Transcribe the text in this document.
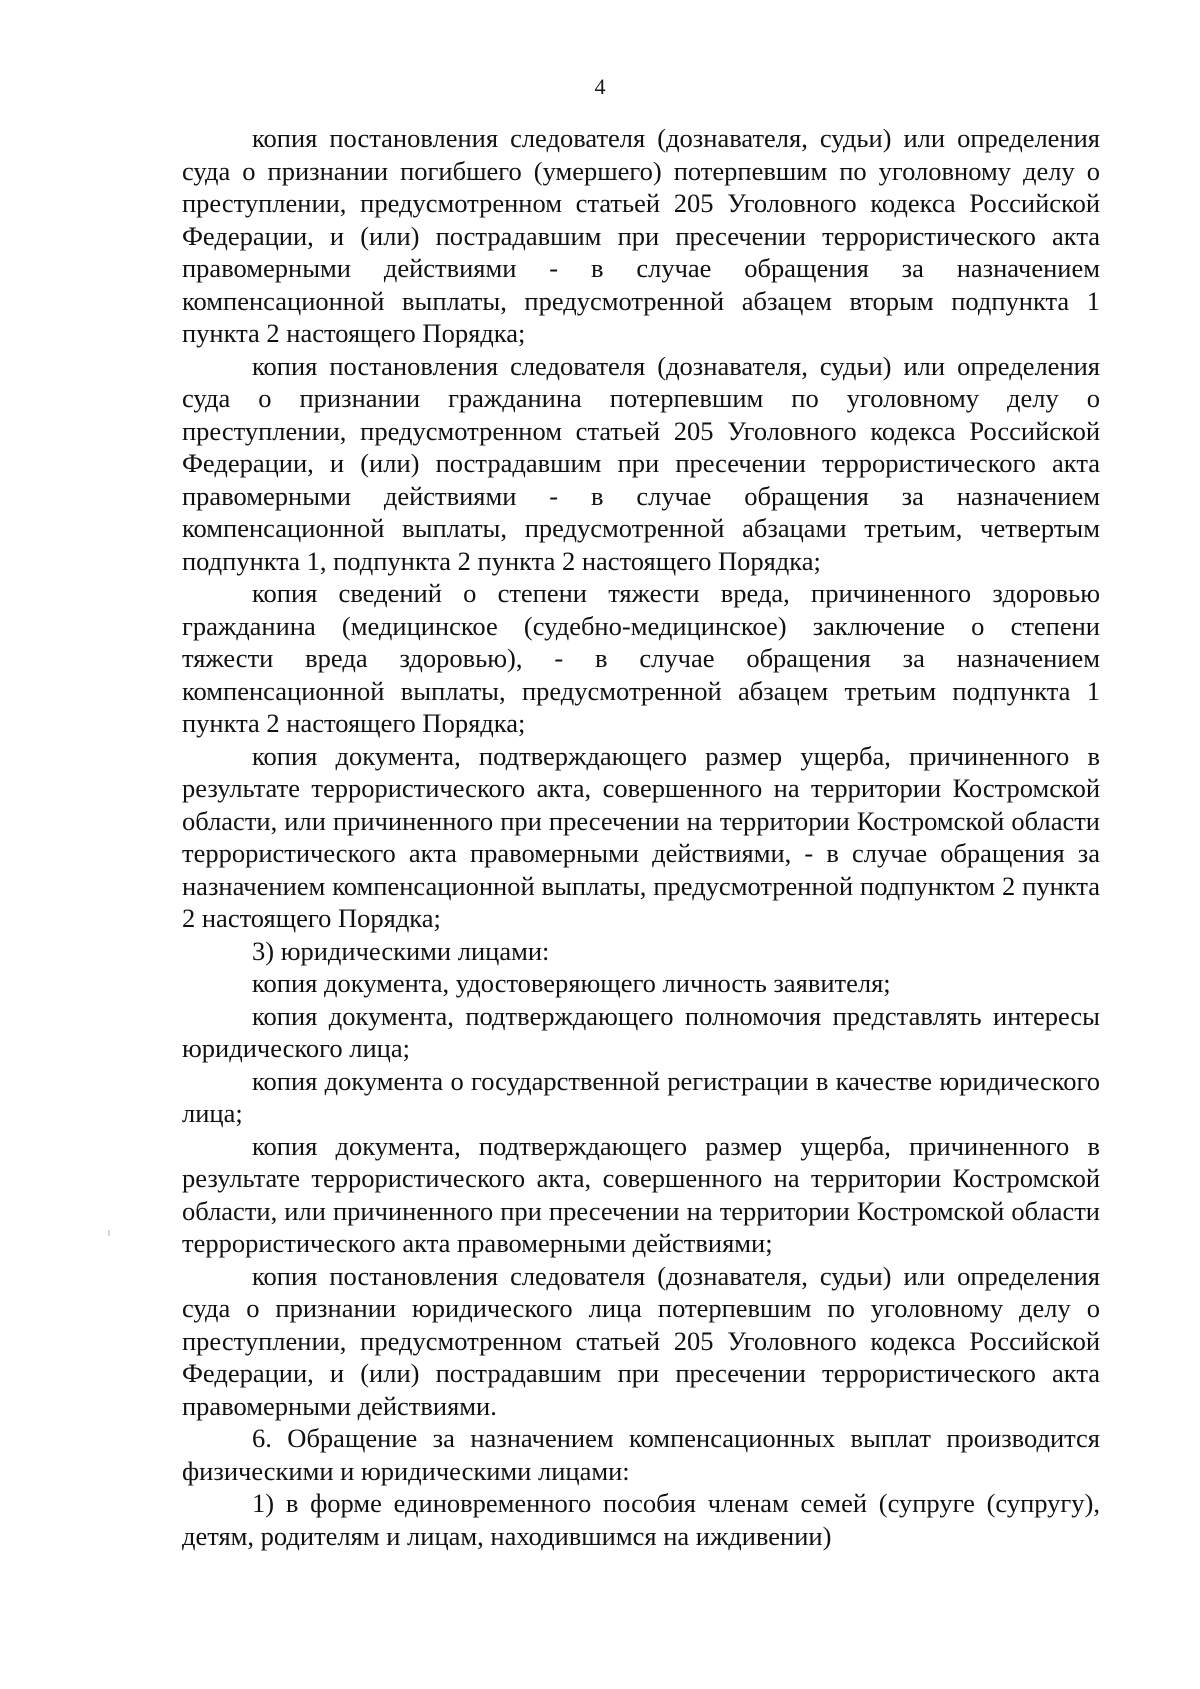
4

копия постановления следователя (дознавателя, судьи) или определения суда о признании погибшего (умершего) потерпевшим по уголовному делу о преступлении, предусмотренном статьей 205 Уголовного кодекса Российской Федерации, и (или) пострадавшим при пресечении террористического акта правомерными действиями - в случае обращения за назначением компенсационной выплаты, предусмотренной абзацем вторым подпункта 1 пункта 2 настоящего Порядка;

копия постановления следователя (дознавателя, судьи) или определения суда о признании гражданина потерпевшим по уголовному делу о преступлении, предусмотренном статьей 205 Уголовного кодекса Российской Федерации, и (или) пострадавшим при пресечении террористического акта правомерными действиями - в случае обращения за назначением компенсационной выплаты, предусмотренной абзацами третьим, четвертым подпункта 1, подпункта 2 пункта 2 настоящего Порядка;

копия сведений о степени тяжести вреда, причиненного здоровью гражданина (медицинское (судебно-медицинское) заключение о степени тяжести вреда здоровью), - в случае обращения за назначением компенсационной выплаты, предусмотренной абзацем третьим подпункта 1 пункта 2 настоящего Порядка;

копия документа, подтверждающего размер ущерба, причиненного в результате террористического акта, совершенного на территории Костромской области, или причиненного при пресечении на территории Костромской области террористического акта правомерными действиями, - в случае обращения за назначением компенсационной выплаты, предусмотренной подпунктом 2 пункта 2 настоящего Порядка;

3) юридическими лицами:

копия документа, удостоверяющего личность заявителя;

копия документа, подтверждающего полномочия представлять интересы юридического лица;

копия документа о государственной регистрации в качестве юридического лица;

копия документа, подтверждающего размер ущерба, причиненного в результате террористического акта, совершенного на территории Костромской области, или причиненного при пресечении на территории Костромской области террористического акта правомерными действиями;

копия постановления следователя (дознавателя, судьи) или определения суда о признании юридического лица потерпевшим по уголовному делу о преступлении, предусмотренном статьей 205 Уголовного кодекса Российской Федерации, и (или) пострадавшим при пресечении террористического акта правомерными действиями.

6. Обращение за назначением компенсационных выплат производится физическими и юридическими лицами:

1) в форме единовременного пособия членам семей (супруге (супругу), детям, родителям и лицам, находившимся на иждивении)
